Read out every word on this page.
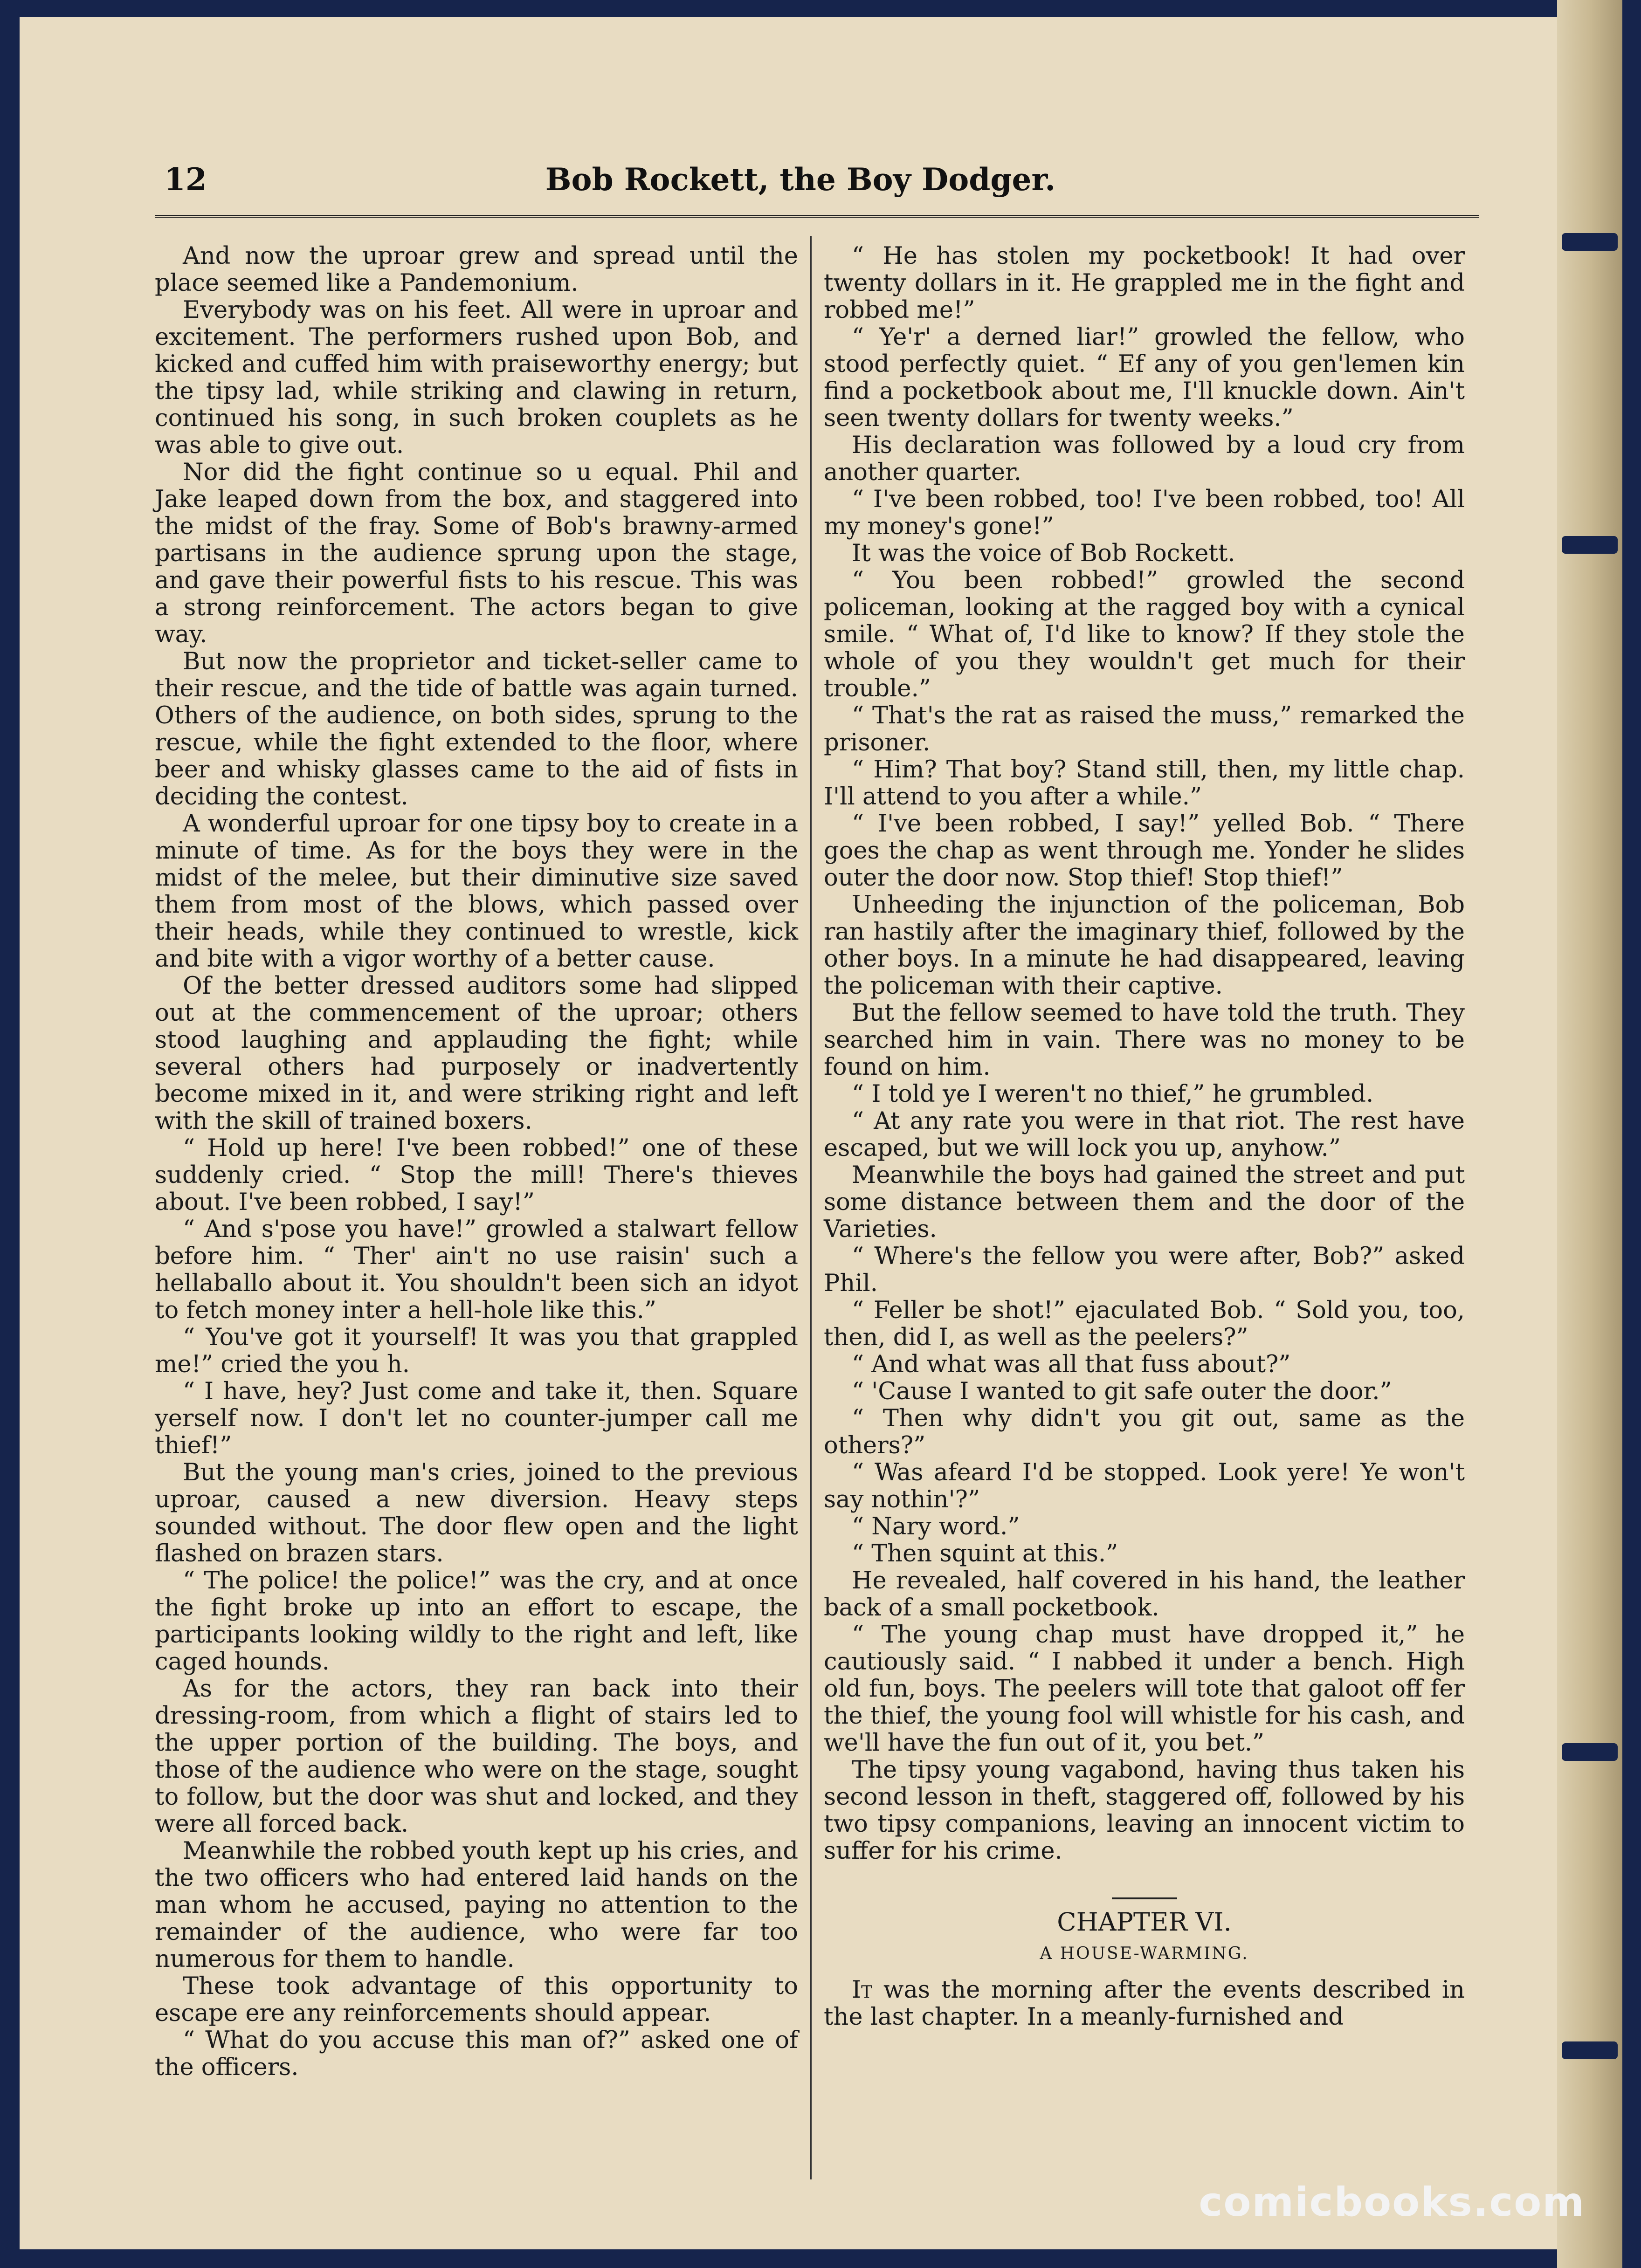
12	Bob Rockett, the Boy Dodger.

And now the uproar grew and spread until the place seemed like a Pandemonium.

Everybody was on his feet. All were in uproar and excitement. The performers rushed upon Bob, and kicked and cuffed him with praiseworthy energy; but the tipsy lad, while striking and clawing in return, continued his song, in such broken couplets as he was able to give out.

Nor did the fight continue so u equal. Phil and Jake leaped down from the box, and staggered into the midst of the fray. Some of Bob's brawny-armed partisans in the audience sprung upon the stage, and gave their powerful fists to his rescue. This was a strong reinforcement. The actors began to give way.

But now the proprietor and ticket-seller came to their rescue, and the tide of battle was again turned. Others of the audience, on both sides, sprung to the rescue, while the fight extended to the floor, where beer and whisky glasses came to the aid of fists in deciding the contest.

A wonderful uproar for one tipsy boy to create in a minute of time. As for the boys they were in the midst of the melee, but their diminutive size saved them from most of the blows, which passed over their heads, while they continued to wrestle, kick and bite with a vigor worthy of a better cause.

Of the better dressed auditors some had slipped out at the commencement of the uproar; others stood laughing and applauding the fight; while several others had purposely or inadvertently become mixed in it, and were striking right and left with the skill of trained boxers.

“ Hold up here! I've been robbed!” one of these suddenly cried. “ Stop the mill! There's thieves about. I've been robbed, I say!”

“ And s'pose you have!” growled a stalwart fellow before him. “ Ther' ain't no use raisin' such a hellaballo about it. You shouldn't been sich an idyot to fetch money inter a hell-hole like this.”

“ You've got it yourself! It was you that grappled me!” cried the you h.

“ I have, hey? Just come and take it, then. Square yerself now. I don't let no counter-jumper call me thief!”

But the young man's cries, joined to the previous uproar, caused a new diversion. Heavy steps sounded without. The door flew open and the light flashed on brazen stars.

“ The police! the police!” was the cry, and at once the fight broke up into an effort to escape, the participants looking wildly to the right and left, like caged hounds.

As for the actors, they ran back into their dressing-room, from which a flight of stairs led to the upper portion of the building. The boys, and those of the audience who were on the stage, sought to follow, but the door was shut and locked, and they were all forced back.

Meanwhile the robbed youth kept up his cries, and the two officers who had entered laid hands on the man whom he accused, paying no attention to the remainder of the audience, who were far too numerous for them to handle.

These took advantage of this opportunity to escape ere any reinforcements should appear.

“ What do you accuse this man of?” asked one of the officers.

“ He has stolen my pocketbook! It had over twenty dollars in it. He grappled me in the fight and robbed me!”

“ Ye'r' a derned liar!” growled the fellow, who stood perfectly quiet. “ Ef any of you gen'lemen kin find a pocketbook about me, I'll knuckle down. Ain't seen twenty dollars for twenty weeks.”

His declaration was followed by a loud cry from another quarter.

“ I've been robbed, too! I've been robbed, too! All my money's gone!”

It was the voice of Bob Rockett.

“ You been robbed!” growled the second policeman, looking at the ragged boy with a cynical smile. “ What of, I'd like to know? If they stole the whole of you they wouldn't get much for their trouble.”

“ That's the rat as raised the muss,” remarked the prisoner.

“ Him? That boy? Stand still, then, my little chap. I'll attend to you after a while.”

“ I've been robbed, I say!” yelled Bob. “ There goes the chap as went through me. Yonder he slides outer the door now. Stop thief! Stop thief!”

Unheeding the injunction of the policeman, Bob ran hastily after the imaginary thief, followed by the other boys. In a minute he had disappeared, leaving the policeman with their captive.

But the fellow seemed to have told the truth. They searched him in vain. There was no money to be found on him.

“ I told ye I weren't no thief,” he grumbled.

“ At any rate you were in that riot. The rest have escaped, but we will lock you up, anyhow.”

Meanwhile the boys had gained the street and put some distance between them and the door of the Varieties.

“ Where's the fellow you were after, Bob?” asked Phil.

“ Feller be shot!” ejaculated Bob. “ Sold you, too, then, did I, as well as the peelers?”

“ And what was all that fuss about?”

“ 'Cause I wanted to git safe outer the door.”

“ Then why didn't you git out, same as the others?”

“ Was afeard I'd be stopped. Look yere! Ye won't say nothin'?”

“ Nary word.”

“ Then squint at this.”

He revealed, half covered in his hand, the leather back of a small pocketbook.

“ The young chap must have dropped it,” he cautiously said. “ I nabbed it under a bench. High old fun, boys. The peelers will tote that galoot off fer the thief, the young fool will whistle for his cash, and we'll have the fun out of it, you bet.”

The tipsy young vagabond, having thus taken his second lesson in theft, staggered off, followed by his two tipsy companions, leaving an innocent victim to suffer for his crime.

CHAPTER VI.
A HOUSE-WARMING.

It was the morning after the events described in the last chapter. In a meanly-furnished and

comicbooks.com
